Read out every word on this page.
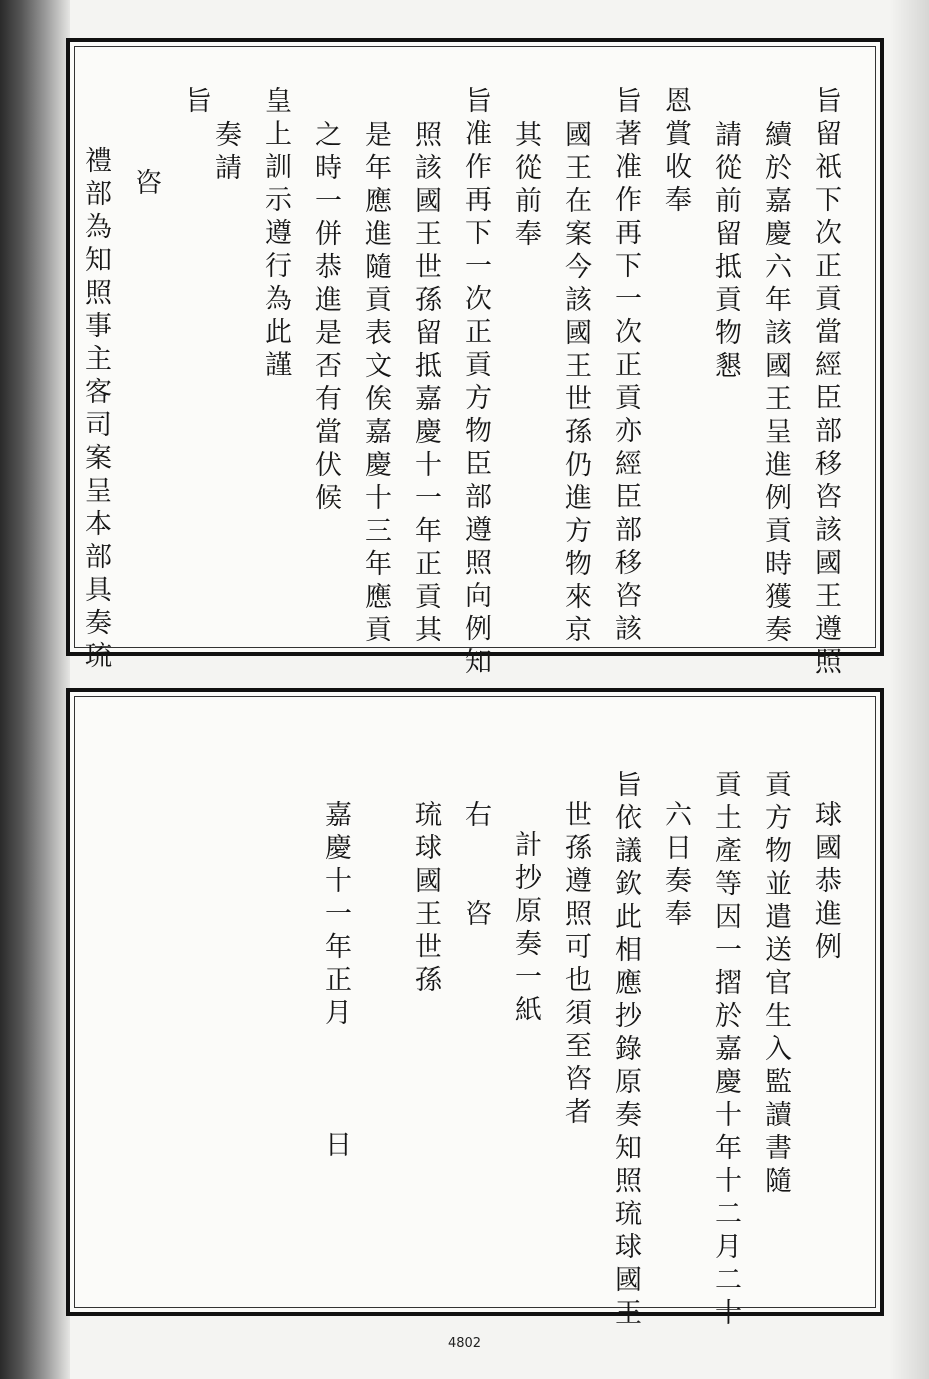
旨留祇下次正貢當經臣部移咨該國王遵照
續於嘉慶六年該國王呈進例貢時獲奏
請從前留抵貢物懇
恩賞收奉
旨著准作再下一次正貢亦經臣部移咨該
國王在案今該國王世孫仍進方物來京
其從前奉
旨准作再下一次正貢方物臣部遵照向例知
照該國王世孫留抵嘉慶十一年正貢其
是年應進隨貢表文俟嘉慶十三年應貢
之時一併恭進是否有當伏候
皇上訓示遵行為此謹
奏請
旨
咨
禮部為知照事主客司案呈本部具奏琉
球國恭進例
貢方物並遣送官生入監讀書隨
貢土產等因一摺於嘉慶十年十二月二十
六日奏奉
旨依議欽此相應抄錄原奏知照琉球國王
世孫遵照可也須至咨者
計抄原奏一紙
右　　咨
琉球國王世孫
嘉慶十一年正月　　　日
4802
